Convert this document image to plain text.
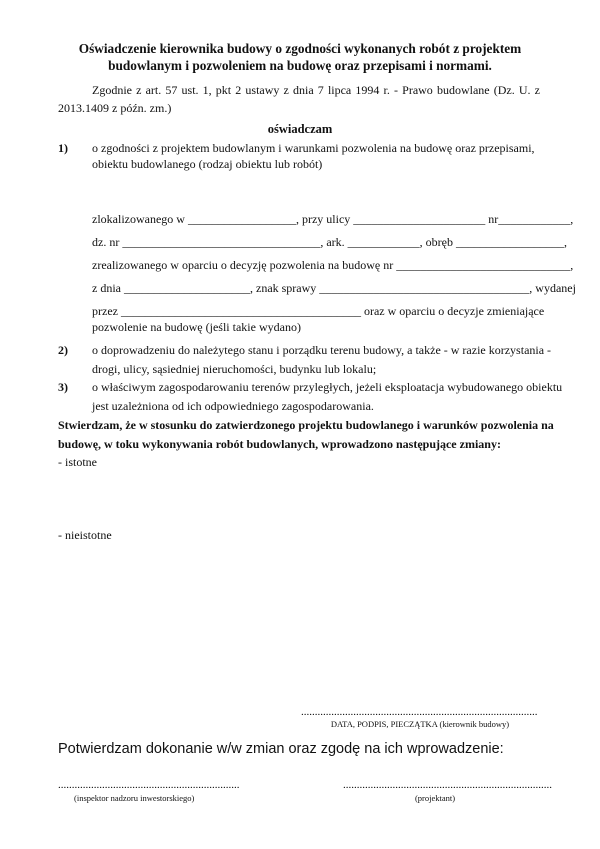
Oświadczenie kierownika budowy o zgodności wykonanych robót z projektem
budowlanym i pozwoleniem na budowę oraz przepisami i normami.
Zgodnie z art. 57 ust. 1, pkt 2 ustawy z dnia 7 lipca 1994 r. - Prawo budowlane (Dz. U. z
2013.1409 z późn. zm.)
oświadczam
1) o zgodności z projektem budowlanym i warunkami pozwolenia na budowę oraz przepisami,
obiektu budowlanego (rodzaj obiektu lub robót)
zlokalizowanego w __________________, przy ulicy ______________________ nr____________,
dz. nr _________________________________, ark. ____________, obręb __________________,
zrealizowanego w oparciu o decyzję pozwolenia na budowę nr _____________________________,
z dnia _____________________, znak sprawy ___________________________________, wydanej
przez ________________________________________ oraz w oparciu o decyzje zmieniające
pozwolenie na budowę (jeśli takie wydano)
2) o doprowadzeniu do należytego stanu i porządku terenu budowy, a także - w razie korzystania -
drogi, ulicy, sąsiedniej nieruchomości, budynku lub lokalu;
3) o właściwym zagospodarowaniu terenów przyległych, jeżeli eksploatacja wybudowanego obiektu
jest uzależniona od ich odpowiedniego zagospodarowania.
Stwierdzam, że w stosunku do zatwierdzonego projektu budowlanego i warunków pozwolenia na
budowę, w toku wykonywania robót budowlanych, wprowadzono następujące zmiany:
- istotne
- nieistotne
......................................................................................
DATA, PODPIS, PIECZĄTKA (kierownik budowy)
Potwierdzam dokonanie w/w zmian oraz zgodę na ich wprowadzenie:
..................................................................
(inspektor nadzoru inwestorskiego)
............................................................................
(projektant)
